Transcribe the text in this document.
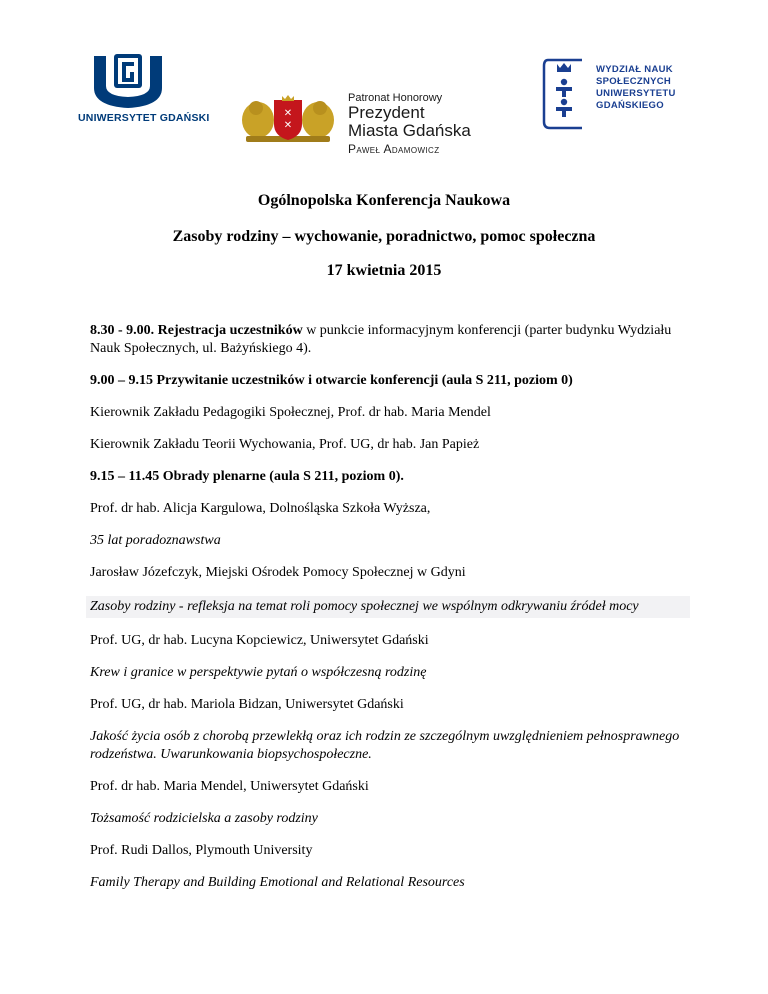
UNIWERSYTET GDAŃSKI	✕
✕
Patronat Honorowy
Prezydent
Miasta Gdańska
Paweł Adamowicz
WYDZIAŁ NAUK
SPOŁECZNYCH
UNIWERSYTETU
GDAŃSKIEGO
Ogólnopolska Konferencja Naukowa
Zasoby rodziny – wychowanie, poradnictwo, pomoc społeczna
17 kwietnia 2015

8.30 - 9.00. Rejestracja uczestników w punkcie informacyjnym konferencji (parter budynku Wydziału Nauk Społecznych, ul. Bażyńskiego 4).

9.00 – 9.15 Przywitanie uczestników i otwarcie konferencji (aula S 211, poziom 0)

Kierownik Zakładu Pedagogiki Społecznej, Prof. dr hab. Maria Mendel

Kierownik Zakładu Teorii Wychowania, Prof. UG, dr hab. Jan Papież

9.15 – 11.45 Obrady plenarne (aula S 211, poziom 0).

Prof. dr hab. Alicja Kargulowa, Dolnośląska Szkoła Wyższa,

35 lat poradoznawstwa

Jarosław Józefczyk, Miejski Ośrodek Pomocy Społecznej w Gdyni

Zasoby rodziny - refleksja na temat roli pomocy społecznej we wspólnym odkrywaniu źródeł mocy

Prof. UG, dr hab. Lucyna Kopciewicz, Uniwersytet Gdański

Krew i granice w perspektywie pytań o współczesną rodzinę

Prof. UG, dr hab. Mariola Bidzan, Uniwersytet Gdański

Jakość życia osób z chorobą przewlekłą oraz ich rodzin ze szczególnym uwzględnieniem pełnosprawnego rodzeństwa. Uwarunkowania biopsychospołeczne.

Prof. dr hab. Maria Mendel, Uniwersytet Gdański

Tożsamość rodzicielska a zasoby rodziny

Prof. Rudi Dallos, Plymouth University

Family Therapy and Building Emotional and Relational Resources
